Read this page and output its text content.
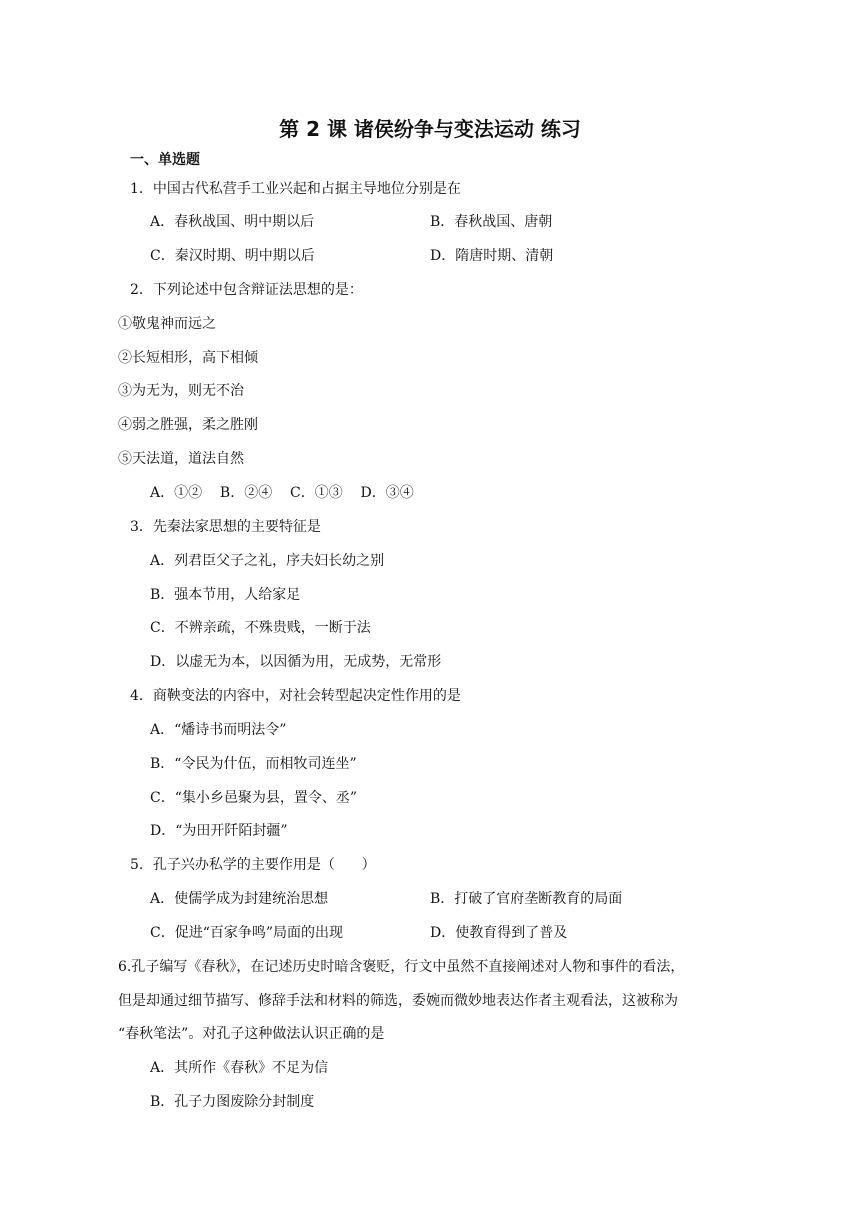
第 2 课 诸侯纷争与变法运动 练习
一、单选题
1．中国古代私营手工业兴起和占据主导地位分别是在
A．春秋战国、明中期以后	B．春秋战国、唐朝
C．秦汉时期、明中期以后	D．隋唐时期、清朝
2．下列论述中包含辩证法思想的是：
①敬鬼神而远之
②长短相形，高下相倾
③为无为，则无不治
④弱之胜强，柔之胜刚
⑤天法道，道法自然
A．①②    B．②④    C．①③    D．③④
3．先秦法家思想的主要特征是
A．列君臣父子之礼，序夫妇长幼之别
B．强本节用，人给家足
C．不辨亲疏，不殊贵贱，一断于法
D．以虚无为本，以因循为用，无成势，无常形
4．商鞅变法的内容中，对社会转型起决定性作用的是
A．“燔诗书而明法令”
B．“令民为什伍，而相牧司连坐”
C．“集小乡邑聚为县，置令、丞”
D．“为田开阡陌封疆”
5．孔子兴办私学的主要作用是（      ）
A．使儒学成为封建统治思想	B．打破了官府垄断教育的局面
C．促进“百家争鸣”局面的出现	D．使教育得到了普及
6.孔子编写《春秋》，在记述历史时暗含褒贬，行文中虽然不直接阐述对人物和事件的看法，
但是却通过细节描写、修辞手法和材料的筛选，委婉而微妙地表达作者主观看法，这被称为
“春秋笔法”。对孔子这种做法认识正确的是
A．其所作《春秋》不足为信
B．孔子力图废除分封制度
